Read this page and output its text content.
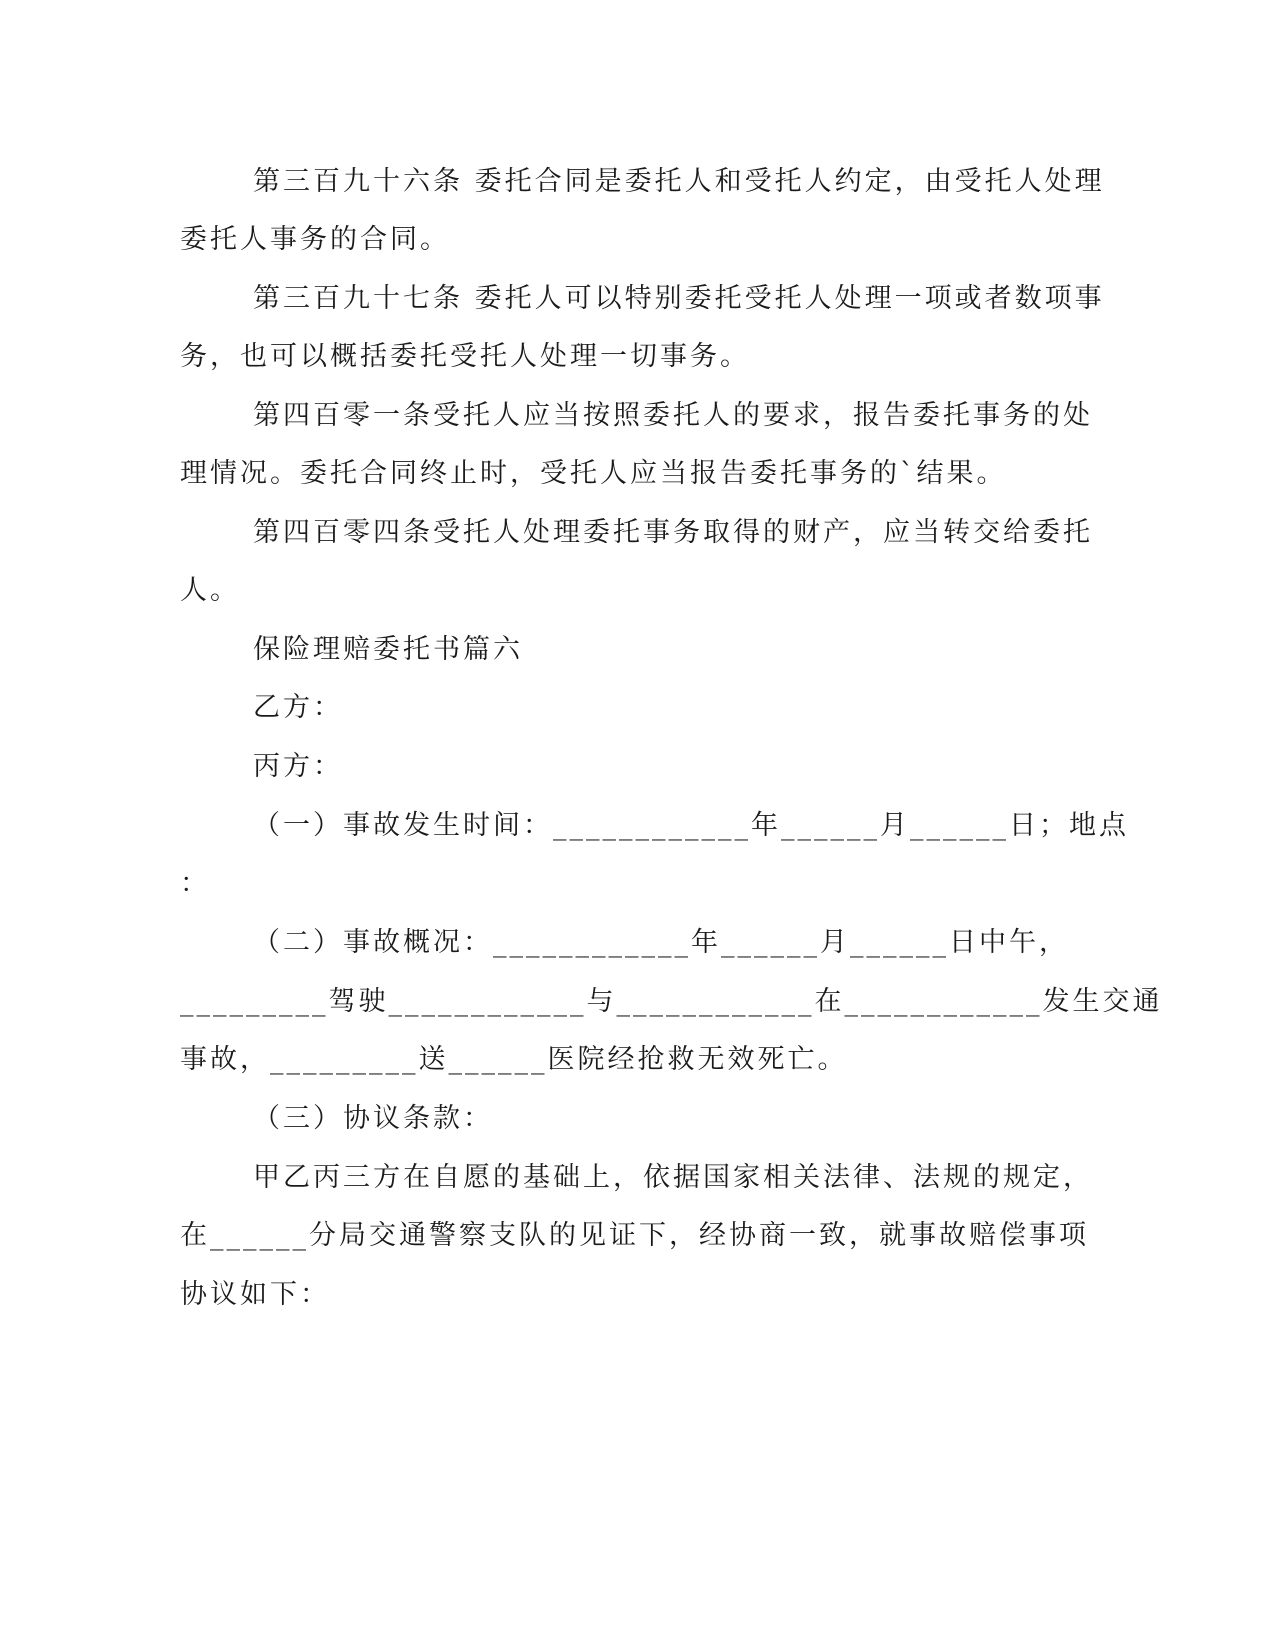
第三百九十六条 委托合同是委托人和受托人约定，由受托人处理
委托人事务的合同。
第三百九十七条 委托人可以特别委托受托人处理一项或者数项事
务，也可以概括委托受托人处理一切事务。
第四百零一条受托人应当按照委托人的要求，报告委托事务的处
理情况。委托合同终止时，受托人应当报告委托事务的`结果。
第四百零四条受托人处理委托事务取得的财产，应当转交给委托
人。
保险理赔委托书篇六
乙方：
丙方：
（一）事故发生时间：____________年______月______日；地点
：
（二）事故概况：____________年______月______日中午，
_________驾驶____________与____________在____________发生交通
事故，_________送______医院经抢救无效死亡。
（三）协议条款：
甲乙丙三方在自愿的基础上，依据国家相关法律、法规的规定，
在______分局交通警察支队的见证下，经协商一致，就事故赔偿事项
协议如下：
